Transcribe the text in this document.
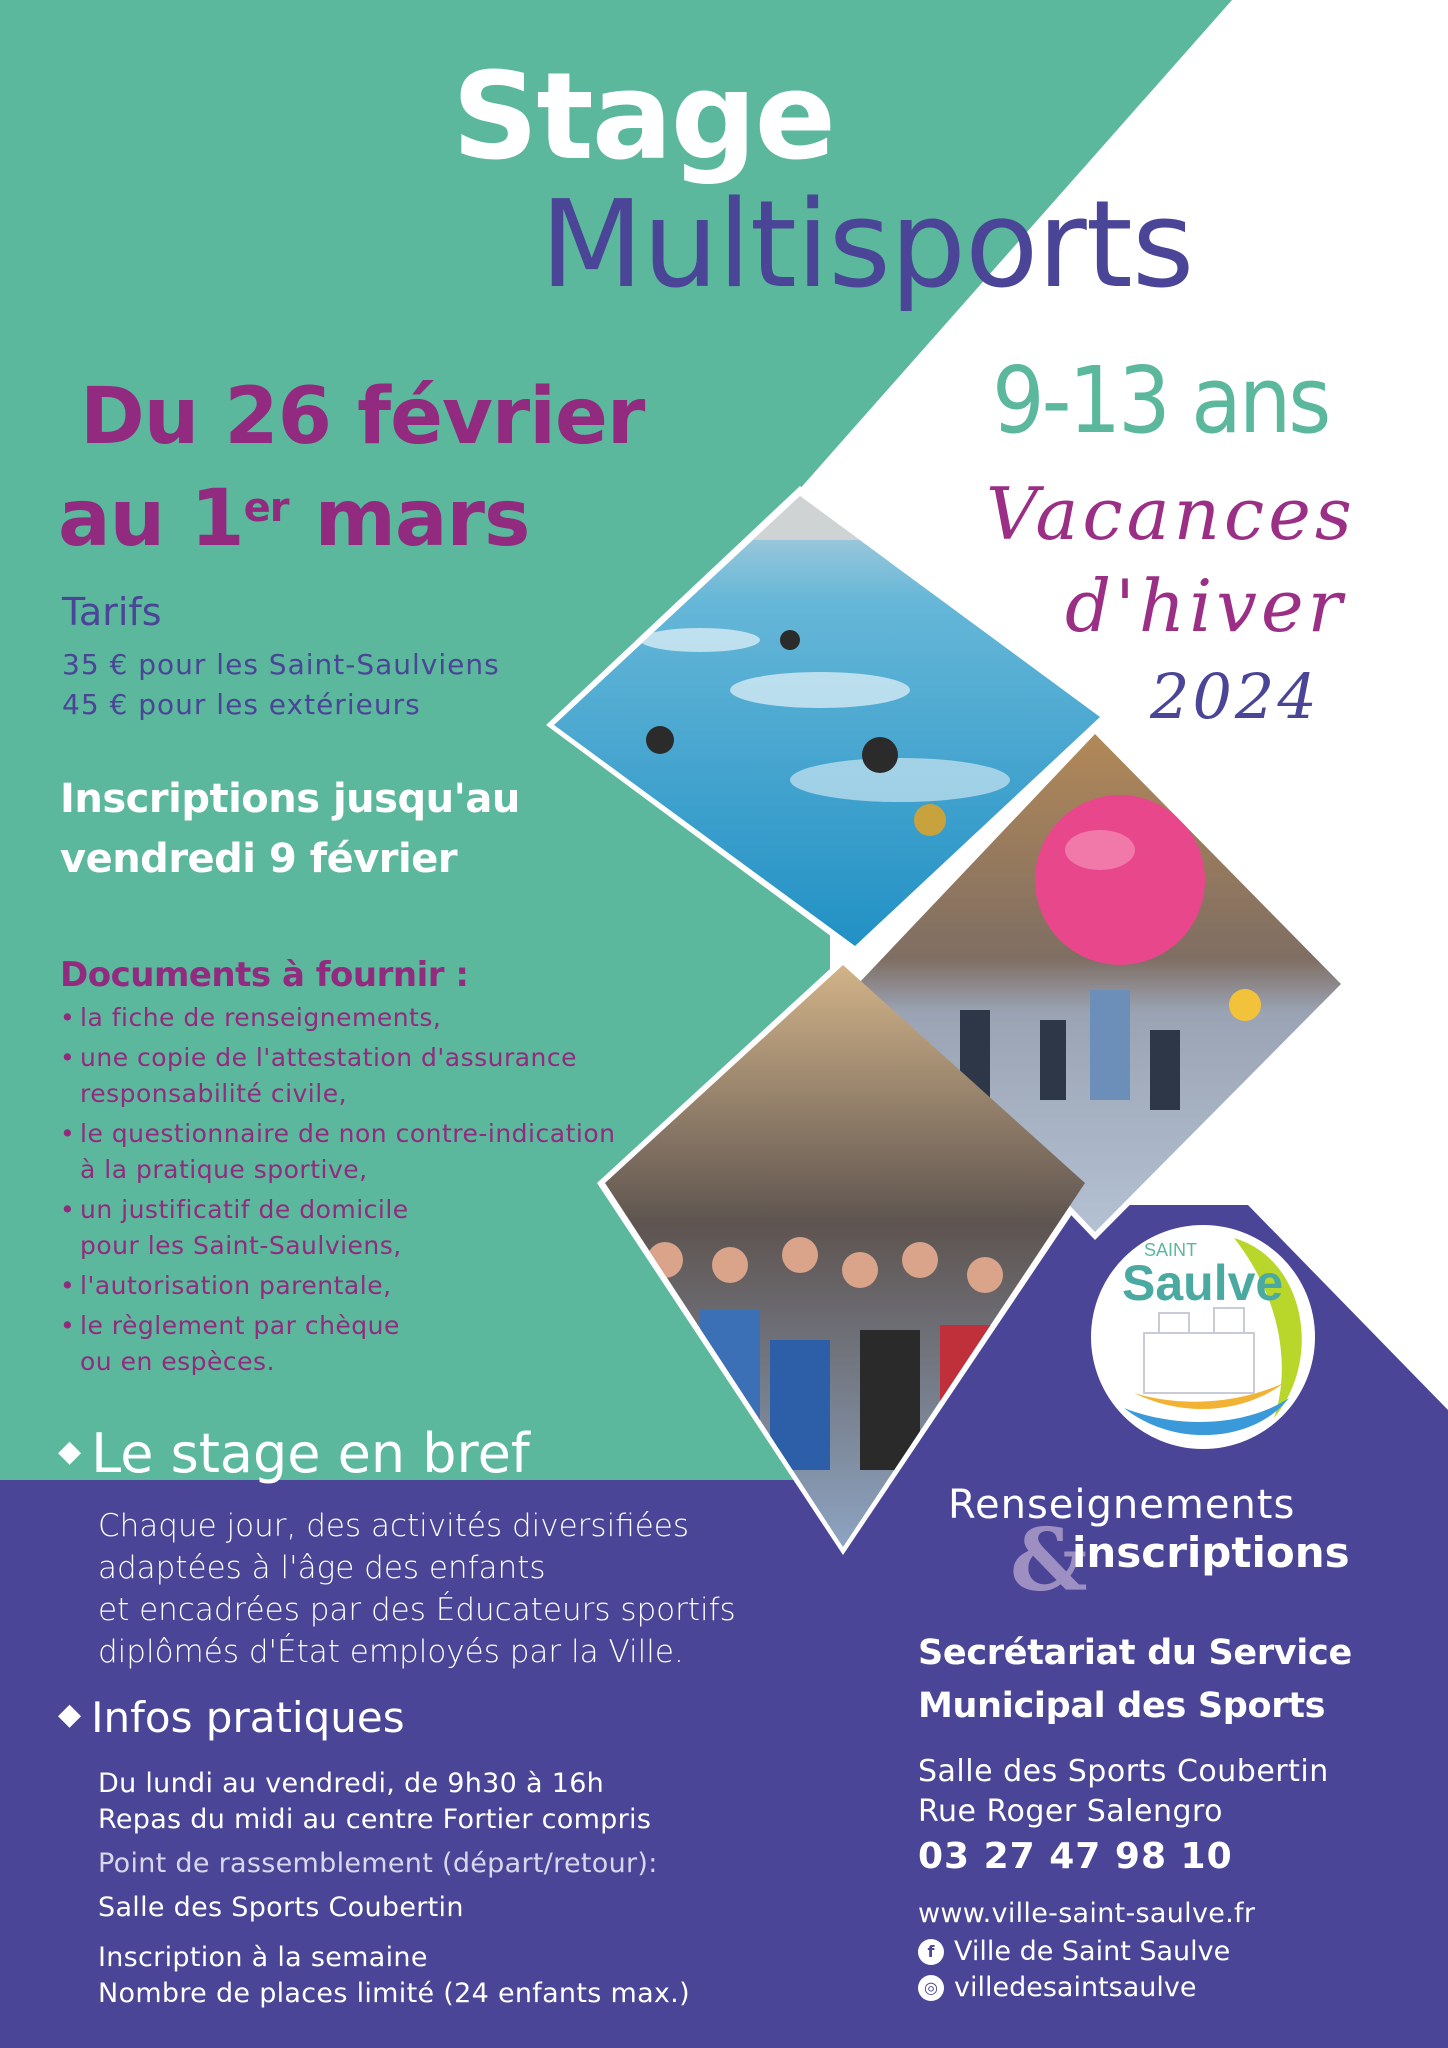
Stage
Multisports
9-13 ans
Vacances
d'hiver
2024
Du 26 février
au 1er mars
Tarifs
35 € pour les Saint-Saulviens
45 € pour les extérieurs
Inscriptions jusqu'au
vendredi 9 février
Documents à fournir :
• la fiche de renseignements,
• une copie de l'attestation d'assurance
responsabilité civile,
• le questionnaire de non contre-indication
à la pratique sportive,
• un justificatif de domicile
pour les Saint-Saulviens,
• l'autorisation parentale,
• le règlement par chèque
ou en espèces.
◆ Le stage en bref
Chaque jour, des activités diversifiées
adaptées à l'âge des enfants
et encadrées par des Éducateurs sportifs
diplômés d'État employés par la Ville.
◆ Infos pratiques
Du lundi au vendredi, de 9h30 à 16h
Repas du midi au centre Fortier compris
Point de rassemblement (départ/retour):
Salle des Sports Coubertin
Inscription à la semaine
Nombre de places limité (24 enfants max.)
SAINT
Saulve
Renseignements
&
inscriptions
Secrétariat du Service
Municipal des Sports
Salle des Sports Coubertin
Rue Roger Salengro
03 27 47 98 10
www.ville-saint-saulve.fr
f Ville de Saint Saulve
◎ villedesaintsaulve
